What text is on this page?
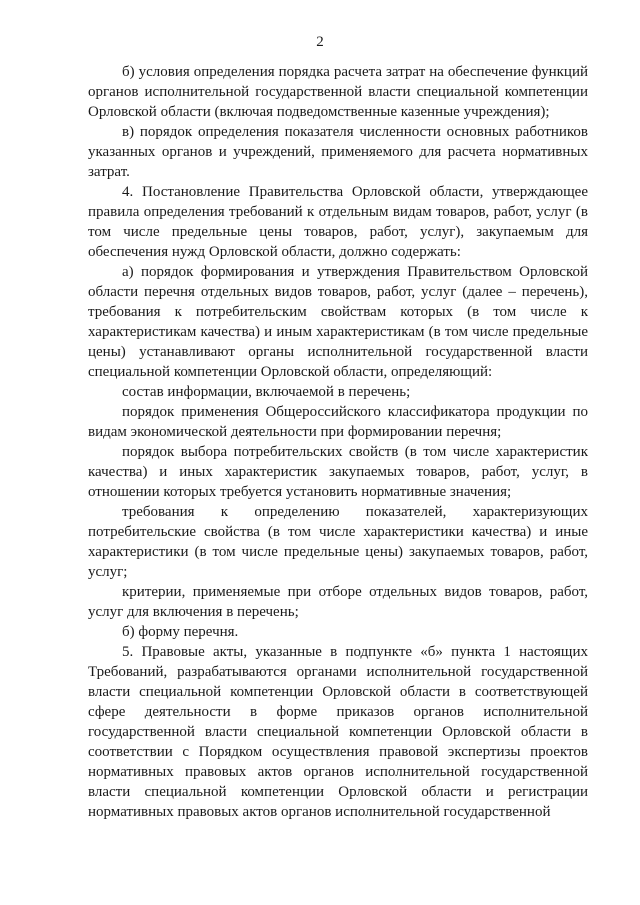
2

б) условия определения порядка расчета затрат на обеспечение функций органов исполнительной государственной власти специальной компетенции Орловской области (включая подведомственные казенные учреждения);

в) порядок определения показателя численности основных работников указанных органов и учреждений, применяемого для расчета нормативных затрат.

4. Постановление Правительства Орловской области, утверждающее правила определения требований к отдельным видам товаров, работ, услуг (в том числе предельные цены товаров, работ, услуг), закупаемым для обеспечения нужд Орловской области, должно содержать:

а) порядок формирования и утверждения Правительством Орловской области перечня отдельных видов товаров, работ, услуг (далее – перечень), требования к потребительским свойствам которых (в том числе к характеристикам качества) и иным характеристикам (в том числе предельные цены) устанавливают органы исполнительной государственной власти специальной компетенции Орловской области, определяющий:

состав информации, включаемой в перечень;

порядок применения Общероссийского классификатора продукции по видам экономической деятельности при формировании перечня;

порядок выбора потребительских свойств (в том числе характеристик качества) и иных характеристик закупаемых товаров, работ, услуг, в отношении которых требуется установить нормативные значения;

требования к определению показателей, характеризующих потребительские свойства (в том числе характеристики качества) и иные характеристики (в том числе предельные цены) закупаемых товаров, работ, услуг;

критерии, применяемые при отборе отдельных видов товаров, работ, услуг для включения в перечень;

б) форму перечня.

5. Правовые акты, указанные в подпункте «б» пункта 1 настоящих Требований, разрабатываются органами исполнительной государственной власти специальной компетенции Орловской области в соответствующей сфере деятельности в форме приказов органов исполнительной государственной власти специальной компетенции Орловской области в соответствии с Порядком осуществления правовой экспертизы проектов нормативных правовых актов органов исполнительной государственной власти специальной компетенции Орловской области и регистрации нормативных правовых актов органов исполнительной государственной
